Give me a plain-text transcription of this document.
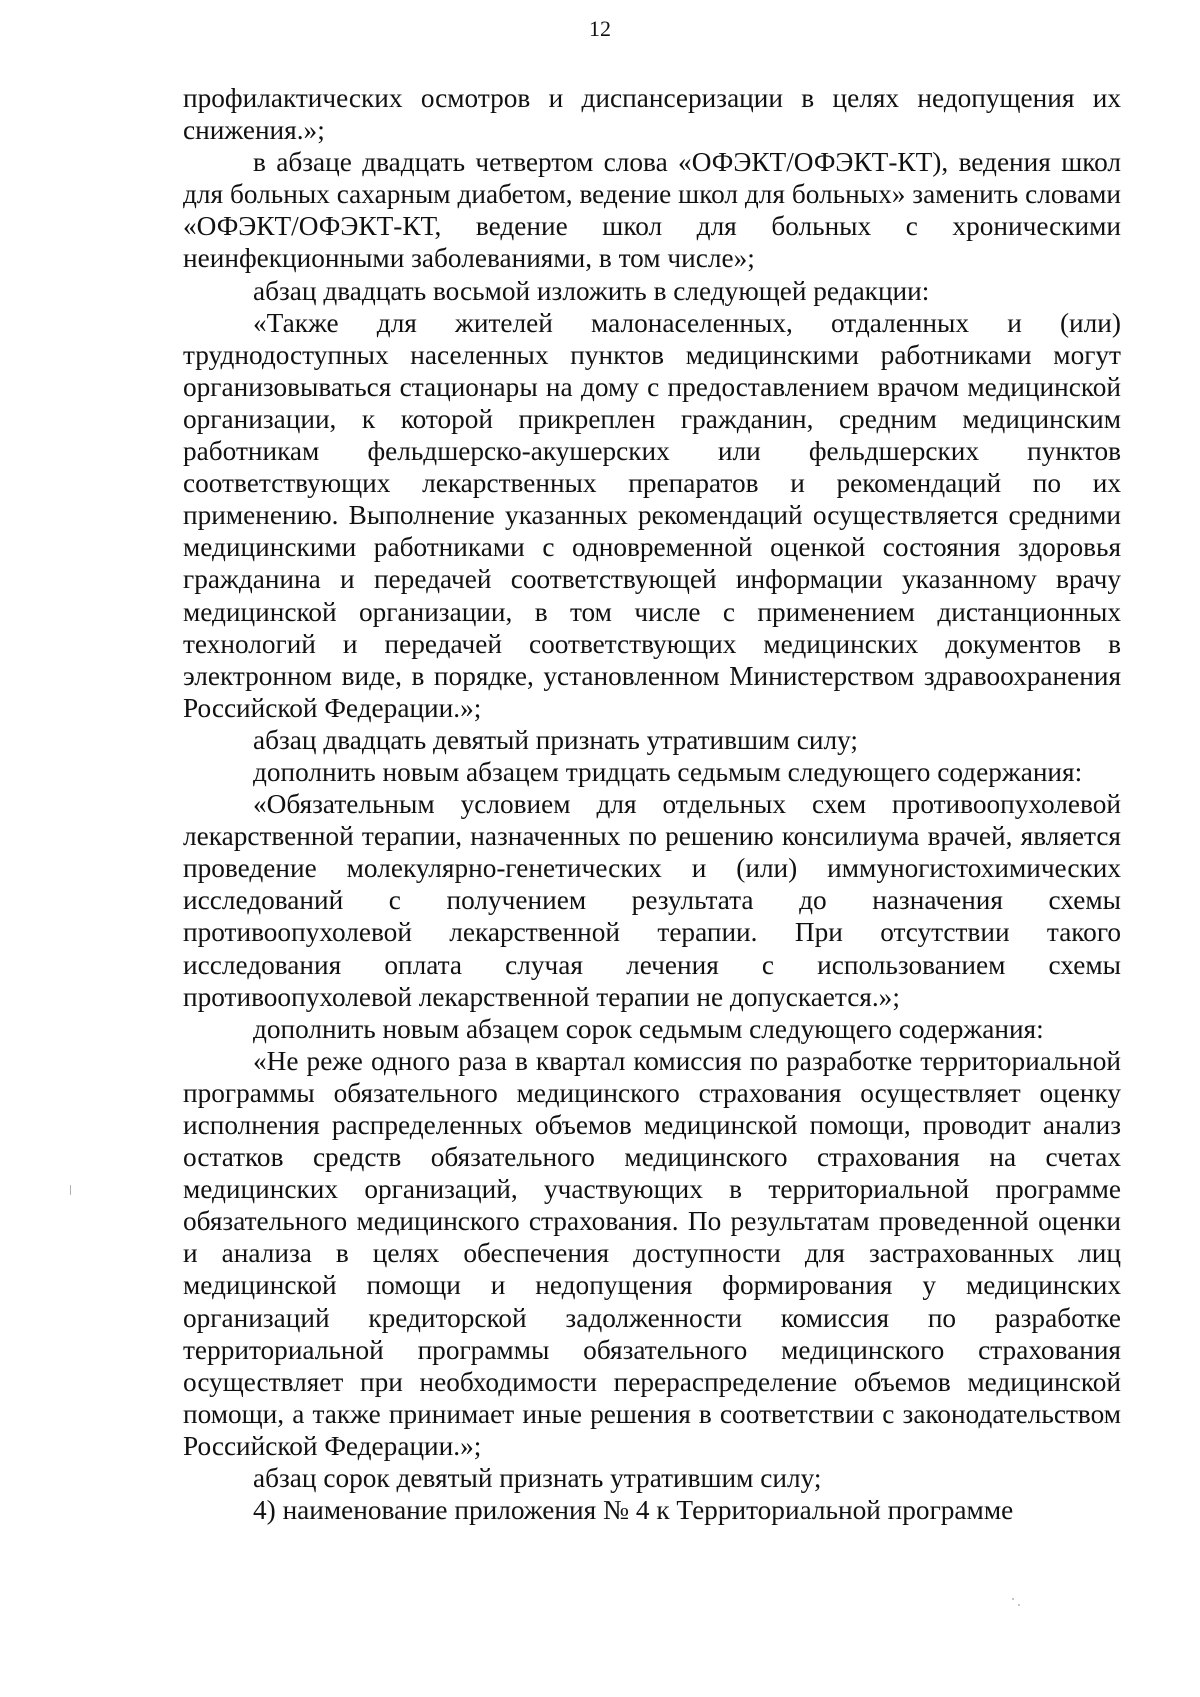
12

профилактических осмотров и диспансеризации в целях недопущения их снижения.»;

в абзаце двадцать четвертом слова «ОФЭКТ/ОФЭКТ-КТ), ведения школ для больных сахарным диабетом, ведение школ для больных» заменить словами «ОФЭКТ/ОФЭКТ-КТ, ведение школ для больных с хроническими неинфекционными заболеваниями, в том числе»;

абзац двадцать восьмой изложить в следующей редакции:

«Также для жителей малонаселенных, отдаленных и (или) труднодоступных населенных пунктов медицинскими работниками могут организовываться стационары на дому с предоставлением врачом медицинской организации, к которой прикреплен гражданин, средним медицинским работникам фельдшерско-акушерских или фельдшерских пунктов соответствующих лекарственных препаратов и рекомендаций по их применению. Выполнение указанных рекомендаций осуществляется средними медицинскими работниками с одновременной оценкой состояния здоровья гражданина и передачей соответствующей информации указанному врачу медицинской организации, в том числе с применением дистанционных технологий и передачей соответствующих медицинских документов в электронном виде, в порядке, установленном Министерством здравоохранения Российской Федерации.»;

абзац двадцать девятый признать утратившим силу;

дополнить новым абзацем тридцать седьмым следующего содержания:

«Обязательным условием для отдельных схем противоопухолевой лекарственной терапии, назначенных по решению консилиума врачей, является проведение молекулярно-генетических и (или) иммуногистохимических исследований с получением результата до назначения схемы противоопухолевой лекарственной терапии. При отсутствии такого исследования оплата случая лечения с использованием схемы противоопухолевой лекарственной терапии не допускается.»;

дополнить новым абзацем сорок седьмым следующего содержания:

«Не реже одного раза в квартал комиссия по разработке территориальной программы обязательного медицинского страхования осуществляет оценку исполнения распределенных объемов медицинской помощи, проводит анализ остатков средств обязательного медицинского страхования на счетах медицинских организаций, участвующих в территориальной программе обязательного медицинского страхования. По результатам проведенной оценки и анализа в целях обеспечения доступности для застрахованных лиц медицинской помощи и недопущения формирования у медицинских организаций кредиторской задолженности комиссия по разработке территориальной программы обязательного медицинского страхования осуществляет при необходимости перераспределение объемов медицинской помощи, а также принимает иные решения в соответствии с законодательством Российской Федерации.»;

абзац сорок девятый признать утратившим силу;

4) наименование приложения № 4 к Территориальной программе
